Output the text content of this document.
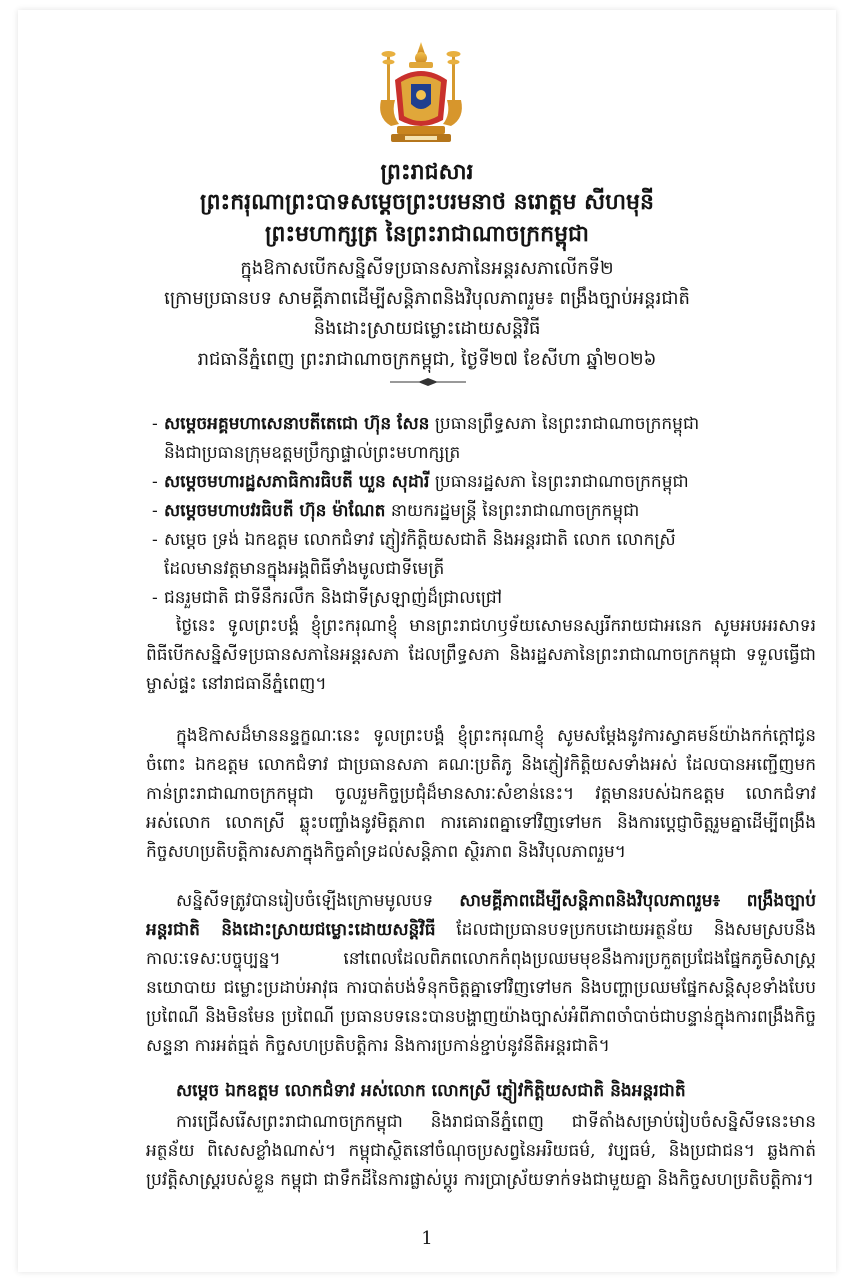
ព្រះរាជសារ
ព្រះករុណាព្រះបាទសម្តេចព្រះបរមនាថ នរោត្តម សីហមុនី
ព្រះមហាក្សត្រ នៃព្រះរាជាណាចក្រកម្ពុជា
ក្នុងឱកាសបើកសន្និសីទប្រធានសភានៃអន្តរសភាលើកទី២
ក្រោមប្រធានបទ សាមគ្គីភាពដើម្បីសន្តិភាពនិងវិបុលភាពរួម៖ ពង្រឹងច្បាប់អន្តរជាតិ
និងដោះស្រាយជម្លោះដោយសន្តិវិធី
រាជធានីភ្នំពេញ ព្រះរាជាណាចក្រកម្ពុជា, ថ្ងៃទី២៧ ខែសីហា ឆ្នាំ២០២៦
- សម្តេចអគ្គមហាសេនាបតីតេជោ ហ៊ុន សែន ប្រធានព្រឹទ្ធសភា នៃព្រះរាជាណាចក្រកម្ពុជា
និងជាប្រធានក្រុមឧត្តមប្រឹក្សាផ្ទាល់ព្រះមហាក្សត្រ
- សម្តេចមហារដ្ឋសភាធិការធិបតី ឃួន សុដារី ប្រធានរដ្ឋសភា នៃព្រះរាជាណាចក្រកម្ពុជា
- សម្តេចមហាបវរធិបតី ហ៊ុន ម៉ាណែត នាយករដ្ឋមន្ត្រី នៃព្រះរាជាណាចក្រកម្ពុជា
- សម្តេច ទ្រង់ ឯកឧត្តម លោកជំទាវ ភ្ញៀវកិត្តិយសជាតិ និងអន្តរជាតិ លោក លោកស្រី
ដែលមានវត្តមានក្នុងអង្គពិធីទាំងមូលជាទីមេត្រី
- ជនរួមជាតិ ជាទីនឹករលឹក និងជាទីស្រឡាញ់ដ៏ជ្រាលជ្រៅ
ថ្ងៃនេះ ទូលព្រះបង្គំ ខ្ញុំព្រះករុណាខ្ញុំ មានព្រះរាជហឫទ័យសោមនស្សរីករាយជាអនេក សូមអបអរសាទរពិធីបើកសន្និសីទប្រធានសភានៃអន្តរសភា ដែលព្រឹទ្ធសភា និងរដ្ឋសភានៃព្រះរាជាណាចក្រកម្ពុជា ទទួលធ្វើជាម្ចាស់ផ្ទះ នៅរាជធានីភ្នំពេញ។
ក្នុងឱកាសដ៏មាននន្ទក្ខណៈនេះ ទូលព្រះបង្គំ ខ្ញុំព្រះករុណាខ្ញុំ សូមសម្តែងនូវការស្វាគមន៍យ៉ាងកក់ក្តៅជូនចំពោះ ឯកឧត្តម លោកជំទាវ ជាប្រធានសភា គណៈប្រតិភូ និងភ្ញៀវកិត្តិយសទាំងអស់ ដែលបានអញ្ជើញមកកាន់ព្រះរាជាណាចក្រកម្ពុជា ចូលរួមកិច្ចប្រជុំដ៏មានសារៈសំខាន់នេះ។ វត្តមានរបស់ឯកឧត្តម លោកជំទាវ អស់លោក លោកស្រី ឆ្លុះបញ្ចាំងនូវមិត្តភាព ការគោរពគ្នាទៅវិញទៅមក និងការប្តេជ្ញាចិត្តរួមគ្នាដើម្បីពង្រឹងកិច្ចសហប្រតិបត្តិការសភាក្នុងកិច្ចគាំទ្រដល់សន្តិភាព ស្ថិរភាព និងវិបុលភាពរួម។
សន្និសីទត្រូវបានរៀបចំឡើងក្រោមមូលបទ សាមគ្គីភាពដើម្បីសន្តិភាពនិងវិបុលភាពរួម៖ ពង្រឹងច្បាប់អន្តរជាតិ និងដោះស្រាយជម្លោះដោយសន្តិវិធី ដែលជាប្រធានបទប្រកបដោយអត្ថន័យ និងសមស្របនឹងកាលៈទេសៈបច្ចុប្បន្ន។ នៅពេលដែលពិភពលោកកំពុងប្រឈមមុខនឹងការប្រកួតប្រជែងផ្នែកភូមិសាស្ត្រនយោបាយ ជម្លោះប្រដាប់អាវុធ ការបាត់បង់ទំនុកចិត្តគ្នាទៅវិញទៅមក និងបញ្ហាប្រឈមផ្នែកសន្តិសុខទាំងបែបប្រពៃណី និងមិនមែន ប្រពៃណី ប្រធានបទនេះបានបង្ហាញយ៉ាងច្បាស់អំពីភាពចាំបាច់ជាបន្ទាន់ក្នុងការពង្រឹងកិច្ចសន្ទនា ការអត់ធ្មត់ កិច្ចសហប្រតិបត្តិការ និងការប្រកាន់ខ្ជាប់នូវនីតិអន្តរជាតិ។
សម្តេច ឯកឧត្តម លោកជំទាវ អស់លោក លោកស្រី ភ្ញៀវកិត្តិយសជាតិ និងអន្តរជាតិ
ការជ្រើសរើសព្រះរាជាណាចក្រកម្ពុជា និងរាជធានីភ្នំពេញ ជាទីតាំងសម្រាប់រៀបចំសន្និសីទនេះមានអត្ថន័យ ពិសេសខ្លាំងណាស់។ កម្ពុជាស្ថិតនៅចំណុចប្រសព្វនៃអរិយធម៌, វប្បធម៌, និងប្រជាជន។ ឆ្លងកាត់ប្រវត្តិសាស្ត្ររបស់ខ្លួន កម្ពុជា ជាទឹកដីនៃការផ្លាស់ប្តូរ ការប្រាស្រ័យទាក់ទងជាមួយគ្នា និងកិច្ចសហប្រតិបត្តិការ។
1
